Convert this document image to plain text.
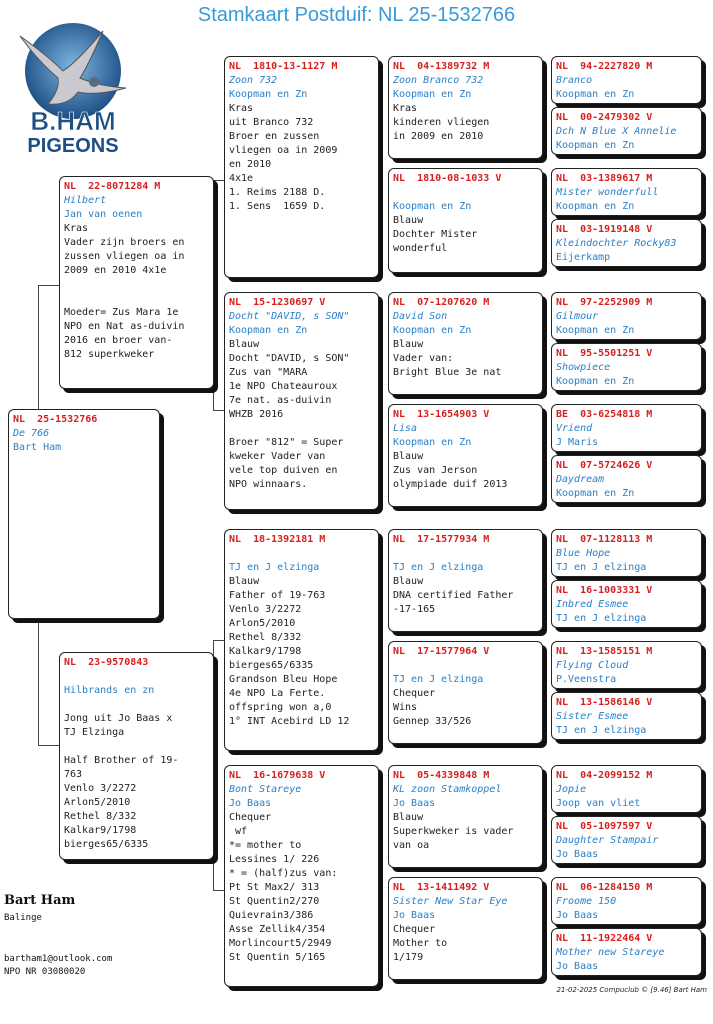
Stamkaart Postduif: NL 25-1532766
B.HAM
PIGEONS
NL  25-1532766
De 766
Bart Ham
NL  22-8071284 M
Hilbert
Jan van oenen
Kras
Vader zijn broers en
zussen vliegen oa in
2009 en 2010 4x1e
Moeder= Zus Mara 1e
NPO en Nat as-duivin
2016 en broer van-
812 superkweker
NL  23-9570843
Hilbrands en zn
Jong uit Jo Baas x
TJ Elzinga
Half Brother of 19-
763
Venlo 3/2272
Arlon5/2010
Rethel 8/332
Kalkar9/1798
bierges65/6335
NL  1810-13-1127 M
Zoon 732
Koopman en Zn
Kras
uit Branco 732
Broer en zussen
vliegen oa in 2009
en 2010
4x1e
1. Reims 2188 D.
1. Sens  1659 D.
NL  15-1230697 V
Docht "DAVID, s SON"
Koopman en Zn
Blauw
Docht "DAVID, s SON"
Zus van "MARA
1e NPO Chateauroux
7e nat. as-duivin
WHZB 2016
Broer "812" = Super
kweker Vader van
vele top duiven en
NPO winnaars.
NL  18-1392181 M
TJ en J elzinga
Blauw
Father of 19-763
Venlo 3/2272
Arlon5/2010
Rethel 8/332
Kalkar9/1798
bierges65/6335
Grandson Bleu Hope
4e NPO La Ferte.
offspring won a,0
1° INT Acebird LD 12
NL  16-1679638 V
Bont Stareye
Jo Baas
Chequer
wf
*= mother to
Lessines 1/ 226
* = (half)zus van:
Pt St Max2/ 313
St Quentin2/270
Quievrain3/386
Asse Zellik4/354
Morlincourt5/2949
St Quentin 5/165
NL  04-1389732 M
Zoon Branco 732
Koopman en Zn
Kras
kinderen vliegen
in 2009 en 2010
NL  1810-08-1033 V
Koopman en Zn
Blauw
Dochter Mister
wonderful
NL  07-1207620 M
David Son
Koopman en Zn
Blauw
Vader van:
Bright Blue 3e nat
NL  13-1654903 V
Lisa
Koopman en Zn
Blauw
Zus van Jerson
olympiade duif 2013
NL  17-1577934 M
TJ en J elzinga
Blauw
DNA certified Father
-17-165
NL  17-1577964 V
TJ en J elzinga
Chequer
Wins
Gennep 33/526
NL  05-4339848 M
KL zoon Stamkoppel
Jo Baas
Blauw
Superkweker is vader
van oa
NL  13-1411492 V
Sister New Star Eye
Jo Baas
Chequer
Mother to
1/179
NL  94-2227820 M
Branco
Koopman en Zn
NL  00-2479302 V
Dch N Blue X Annelie
Koopman en Zn
NL  03-1389617 M
Mister wonderfull
Koopman en Zn
NL  03-1919148 V
Kleindochter Rocky83
Eijerkamp
NL  97-2252909 M
Gilmour
Koopman en Zn
NL  95-5501251 V
Showpiece
Koopman en Zn
BE  03-6254818 M
Vriend
J Maris
NL  07-5724626 V
Daydream
Koopman en Zn
NL  07-1128113 M
Blue Hope
TJ en J elzinga
NL  16-1003331 V
Inbred Esmee
TJ en J elzinga
NL  13-1585151 M
Flying Cloud
P.Veenstra
NL  13-1586146 V
Sister Esmee
TJ en J elzinga
NL  04-2099152 M
Jopie
Joop van vliet
NL  05-1097597 V
Daughter Stampair
Jo Baas
NL  06-1284150 M
Froome 150
Jo Baas
NL  11-1922464 V
Mother new Stareye
Jo Baas
Bart Ham
Balinge
bartham1@outlook.com
NPO NR 03080020
21-02-2025 Compuclub © [9.46] Bart Ham
